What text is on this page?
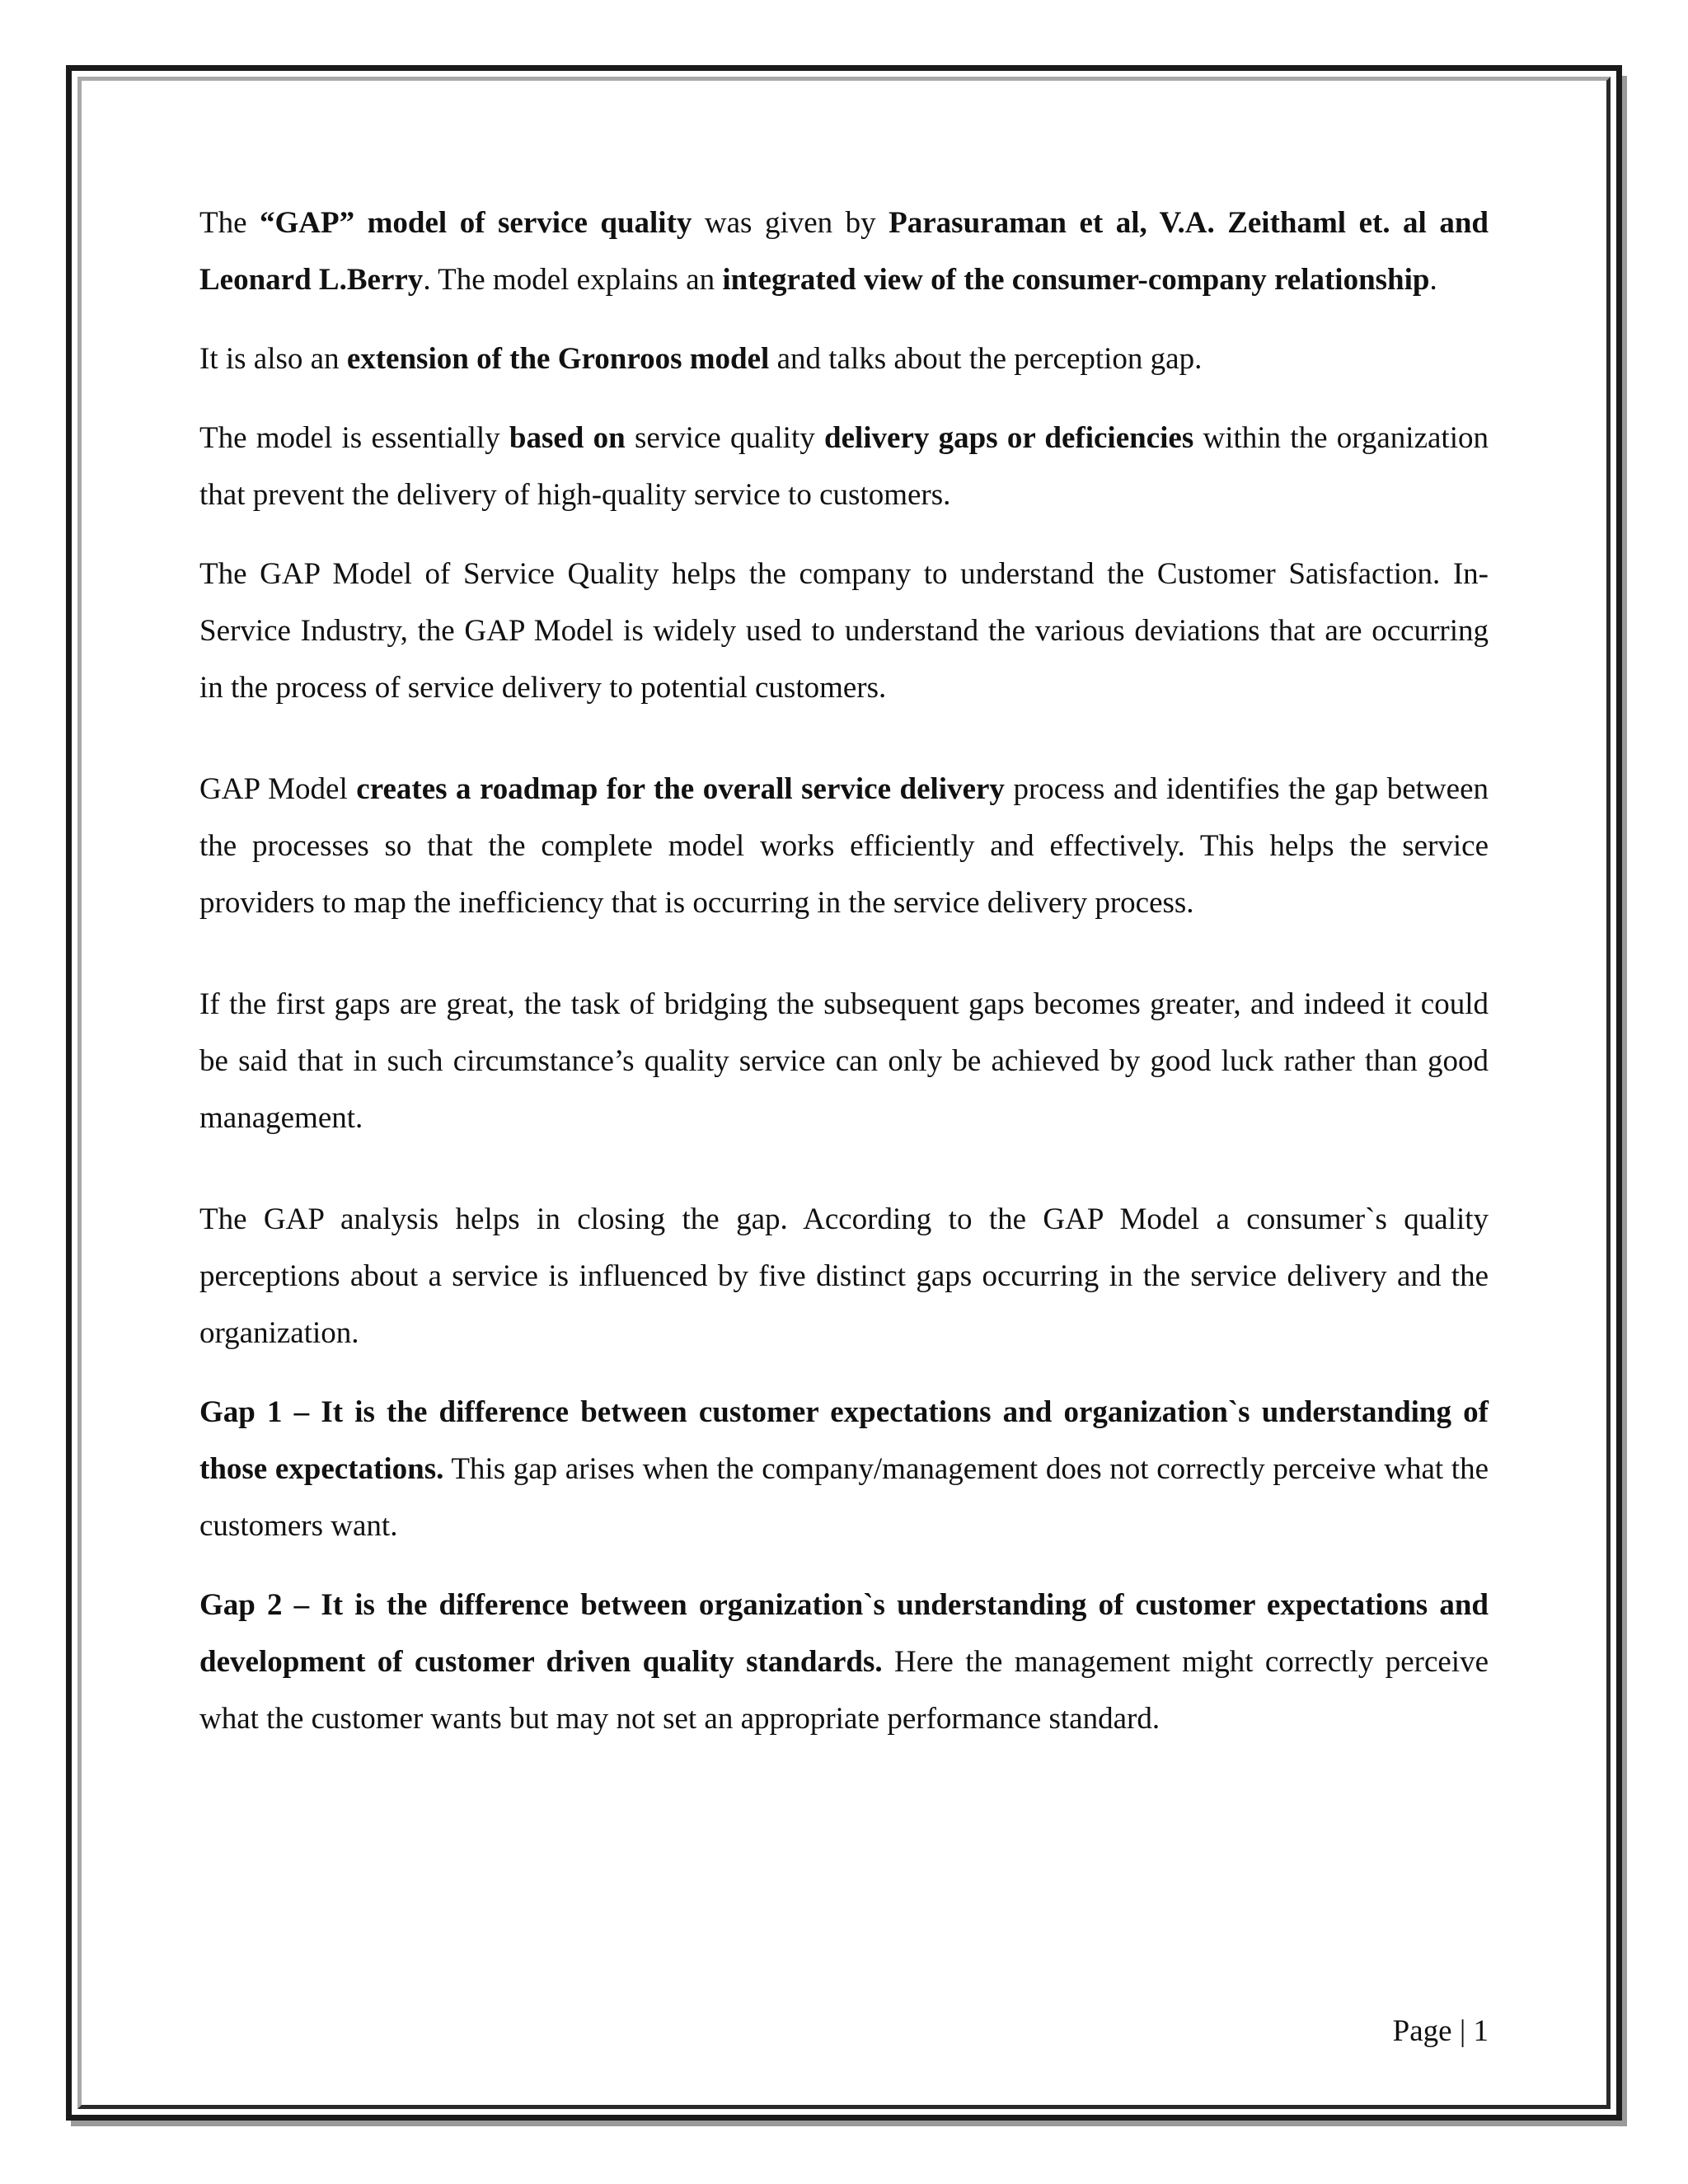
The “GAP” model of service quality was given by Parasuraman et al, V.A. Zeithaml et. al and Leonard L.Berry. The model explains an integrated view of the consumer-company relationship.

It is also an extension of the Gronroos model and talks about the perception gap.

The model is essentially based on service quality delivery gaps or deficiencies within the organization that prevent the delivery of high-quality service to customers.

The GAP Model of Service Quality helps the company to understand the Customer Satisfaction. In-Service Industry, the GAP Model is widely used to understand the various deviations that are occurring in the process of service delivery to potential customers.

GAP Model creates a roadmap for the overall service delivery process and identifies the gap between the processes so that the complete model works efficiently and effectively. This helps the service providers to map the inefficiency that is occurring in the service delivery process.

If the first gaps are great, the task of bridging the subsequent gaps becomes greater, and indeed it could be said that in such circumstance’s quality service can only be achieved by good luck rather than good management.

The GAP analysis helps in closing the gap. According to the GAP Model a consumer`s quality perceptions about a service is influenced by five distinct gaps occurring in the service delivery and the organization.

Gap 1 – It is the difference between customer expectations and organization`s understanding of those expectations. This gap arises when the company/management does not correctly perceive what the customers want.

Gap 2 – It is the difference between organization`s understanding of customer expectations and development of customer driven quality standards. Here the management might correctly perceive what the customer wants but may not set an appropriate performance standard.

Page | 1
